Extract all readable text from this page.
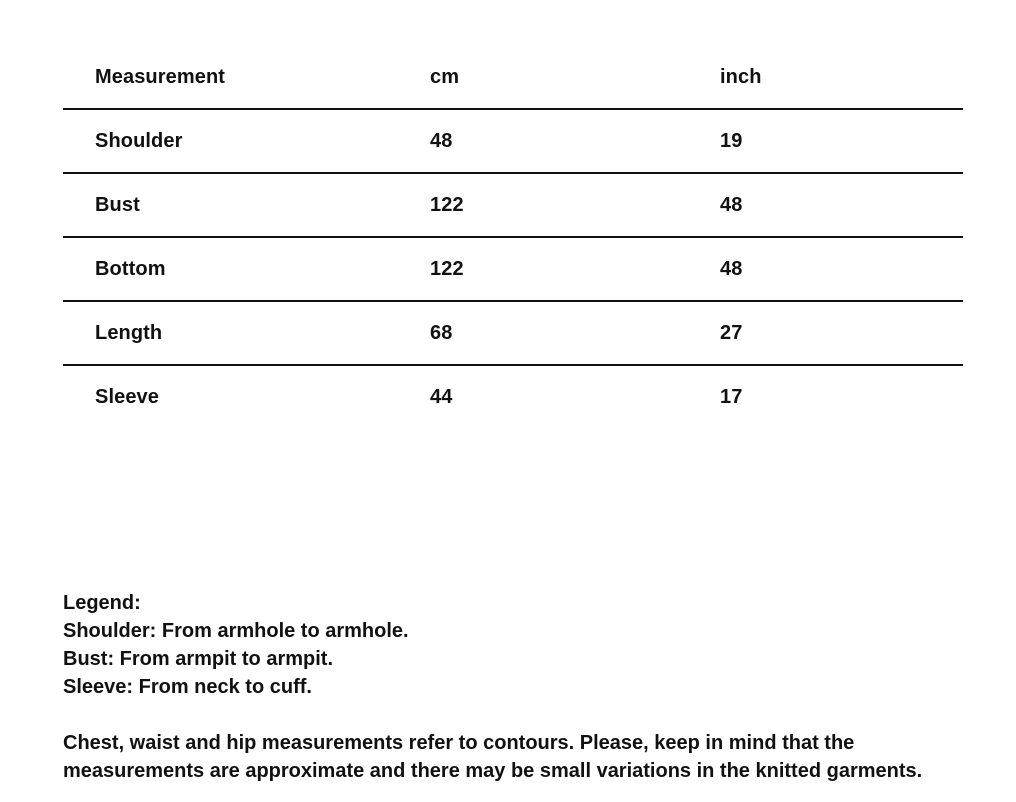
Measurement	cm	inch
Shoulder	48	19
Bust	122	48
Bottom	122	48
Length	68	27
Sleeve	44	17

Legend:

Shoulder: From armhole to armhole.

Bust: From armpit to armpit.

Sleeve: From neck to cuff.

Chest, waist and hip measurements refer to contours. Please, keep in mind that the

measurements are approximate and there may be small variations in the knitted garments.
